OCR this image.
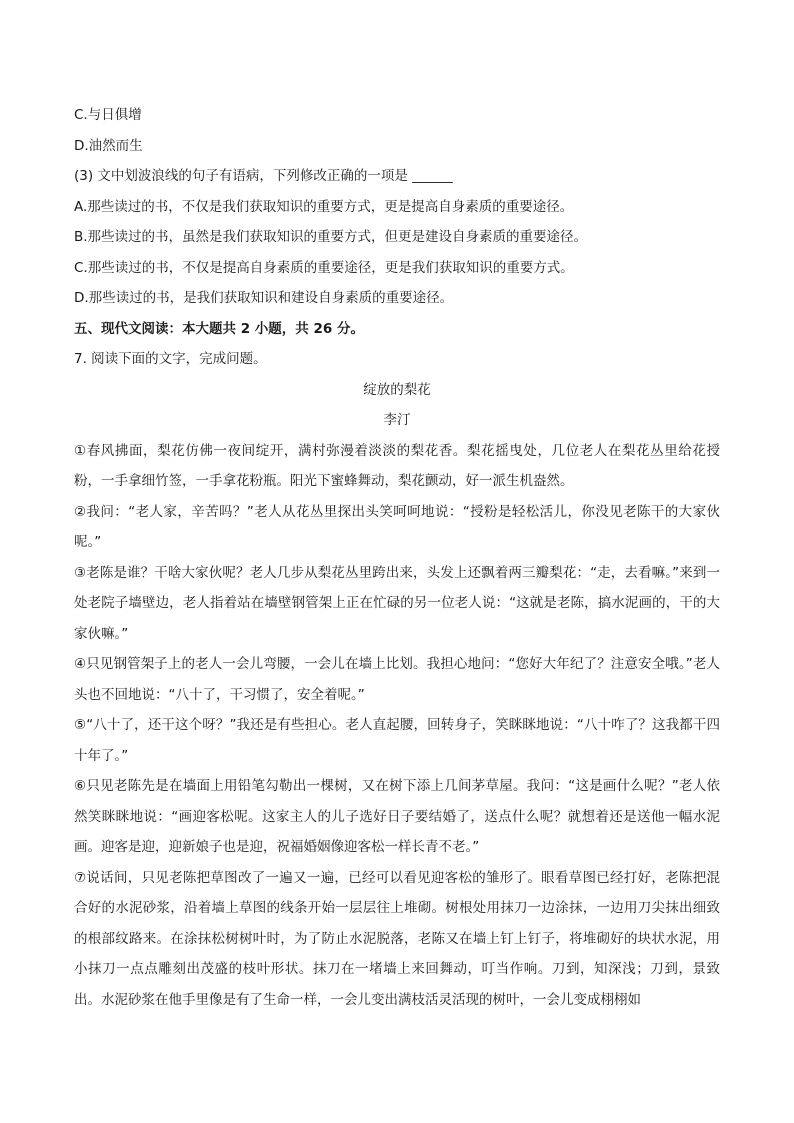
C.与日俱增
D.油然而生
(3) 文中划波浪线的句子有语病，下列修改正确的一项是 ______
A.那些读过的书，不仅是我们获取知识的重要方式，更是提高自身素质的重要途径。
B.那些读过的书，虽然是我们获取知识的重要方式，但更是建设自身素质的重要途径。
C.那些读过的书，不仅是提高自身素质的重要途径，更是我们获取知识的重要方式。
D.那些读过的书，是我们获取知识和建设自身素质的重要途径。
五、现代文阅读：本大题共 2 小题，共 26 分。
7. 阅读下面的文字，完成问题。
绽放的梨花
李汀
①春风拂面，梨花仿佛一夜间绽开，满村弥漫着淡淡的梨花香。梨花摇曳处，几位老人在梨花丛里给花授粉，一手拿细竹签，一手拿花粉瓶。阳光下蜜蜂舞动，梨花颤动，好一派生机盎然。
②我问：“老人家，辛苦吗？”老人从花丛里探出头笑呵呵地说：“授粉是轻松活儿，你没见老陈干的大家伙呢。”
③老陈是谁？干啥大家伙呢？老人几步从梨花丛里跨出来，头发上还飘着两三瓣梨花：“走，去看嘛。”来到一处老院子墙壁边，老人指着站在墙壁钢管架上正在忙碌的另一位老人说：“这就是老陈，搞水泥画的，干的大家伙嘛。”
④只见钢管架子上的老人一会儿弯腰，一会儿在墙上比划。我担心地问：“您好大年纪了？注意安全哦。”老人头也不回地说：“八十了，干习惯了，安全着呢。”
⑤“八十了，还干这个呀？”我还是有些担心。老人直起腰，回转身子，笑眯眯地说：“八十咋了？这我都干四十年了。”
⑥只见老陈先是在墙面上用铅笔勾勒出一棵树，又在树下添上几间茅草屋。我问：“这是画什么呢？”老人依然笑眯眯地说：“画迎客松呢。这家主人的儿子选好日子要结婚了，送点什么呢？就想着还是送他一幅水泥画。迎客是迎，迎新娘子也是迎，祝福婚姻像迎客松一样长青不老。”
⑦说话间，只见老陈把草图改了一遍又一遍，已经可以看见迎客松的雏形了。眼看草图已经打好，老陈把混合好的水泥砂浆，沿着墙上草图的线条开始一层层往上堆砌。树根处用抹刀一边涂抹，一边用刀尖抹出细致的根部纹路来。在涂抹松树树叶时，为了防止水泥脱落，老陈又在墙上钉上钉子，将堆砌好的块状水泥，用小抹刀一点点雕刻出茂盛的枝叶形状。抹刀在一堵墙上来回舞动，叮当作响。刀到，知深浅；刀到，景致出。水泥砂浆在他手里像是有了生命一样，一会儿变出满枝活灵活现的树叶，一会儿变成栩栩如
